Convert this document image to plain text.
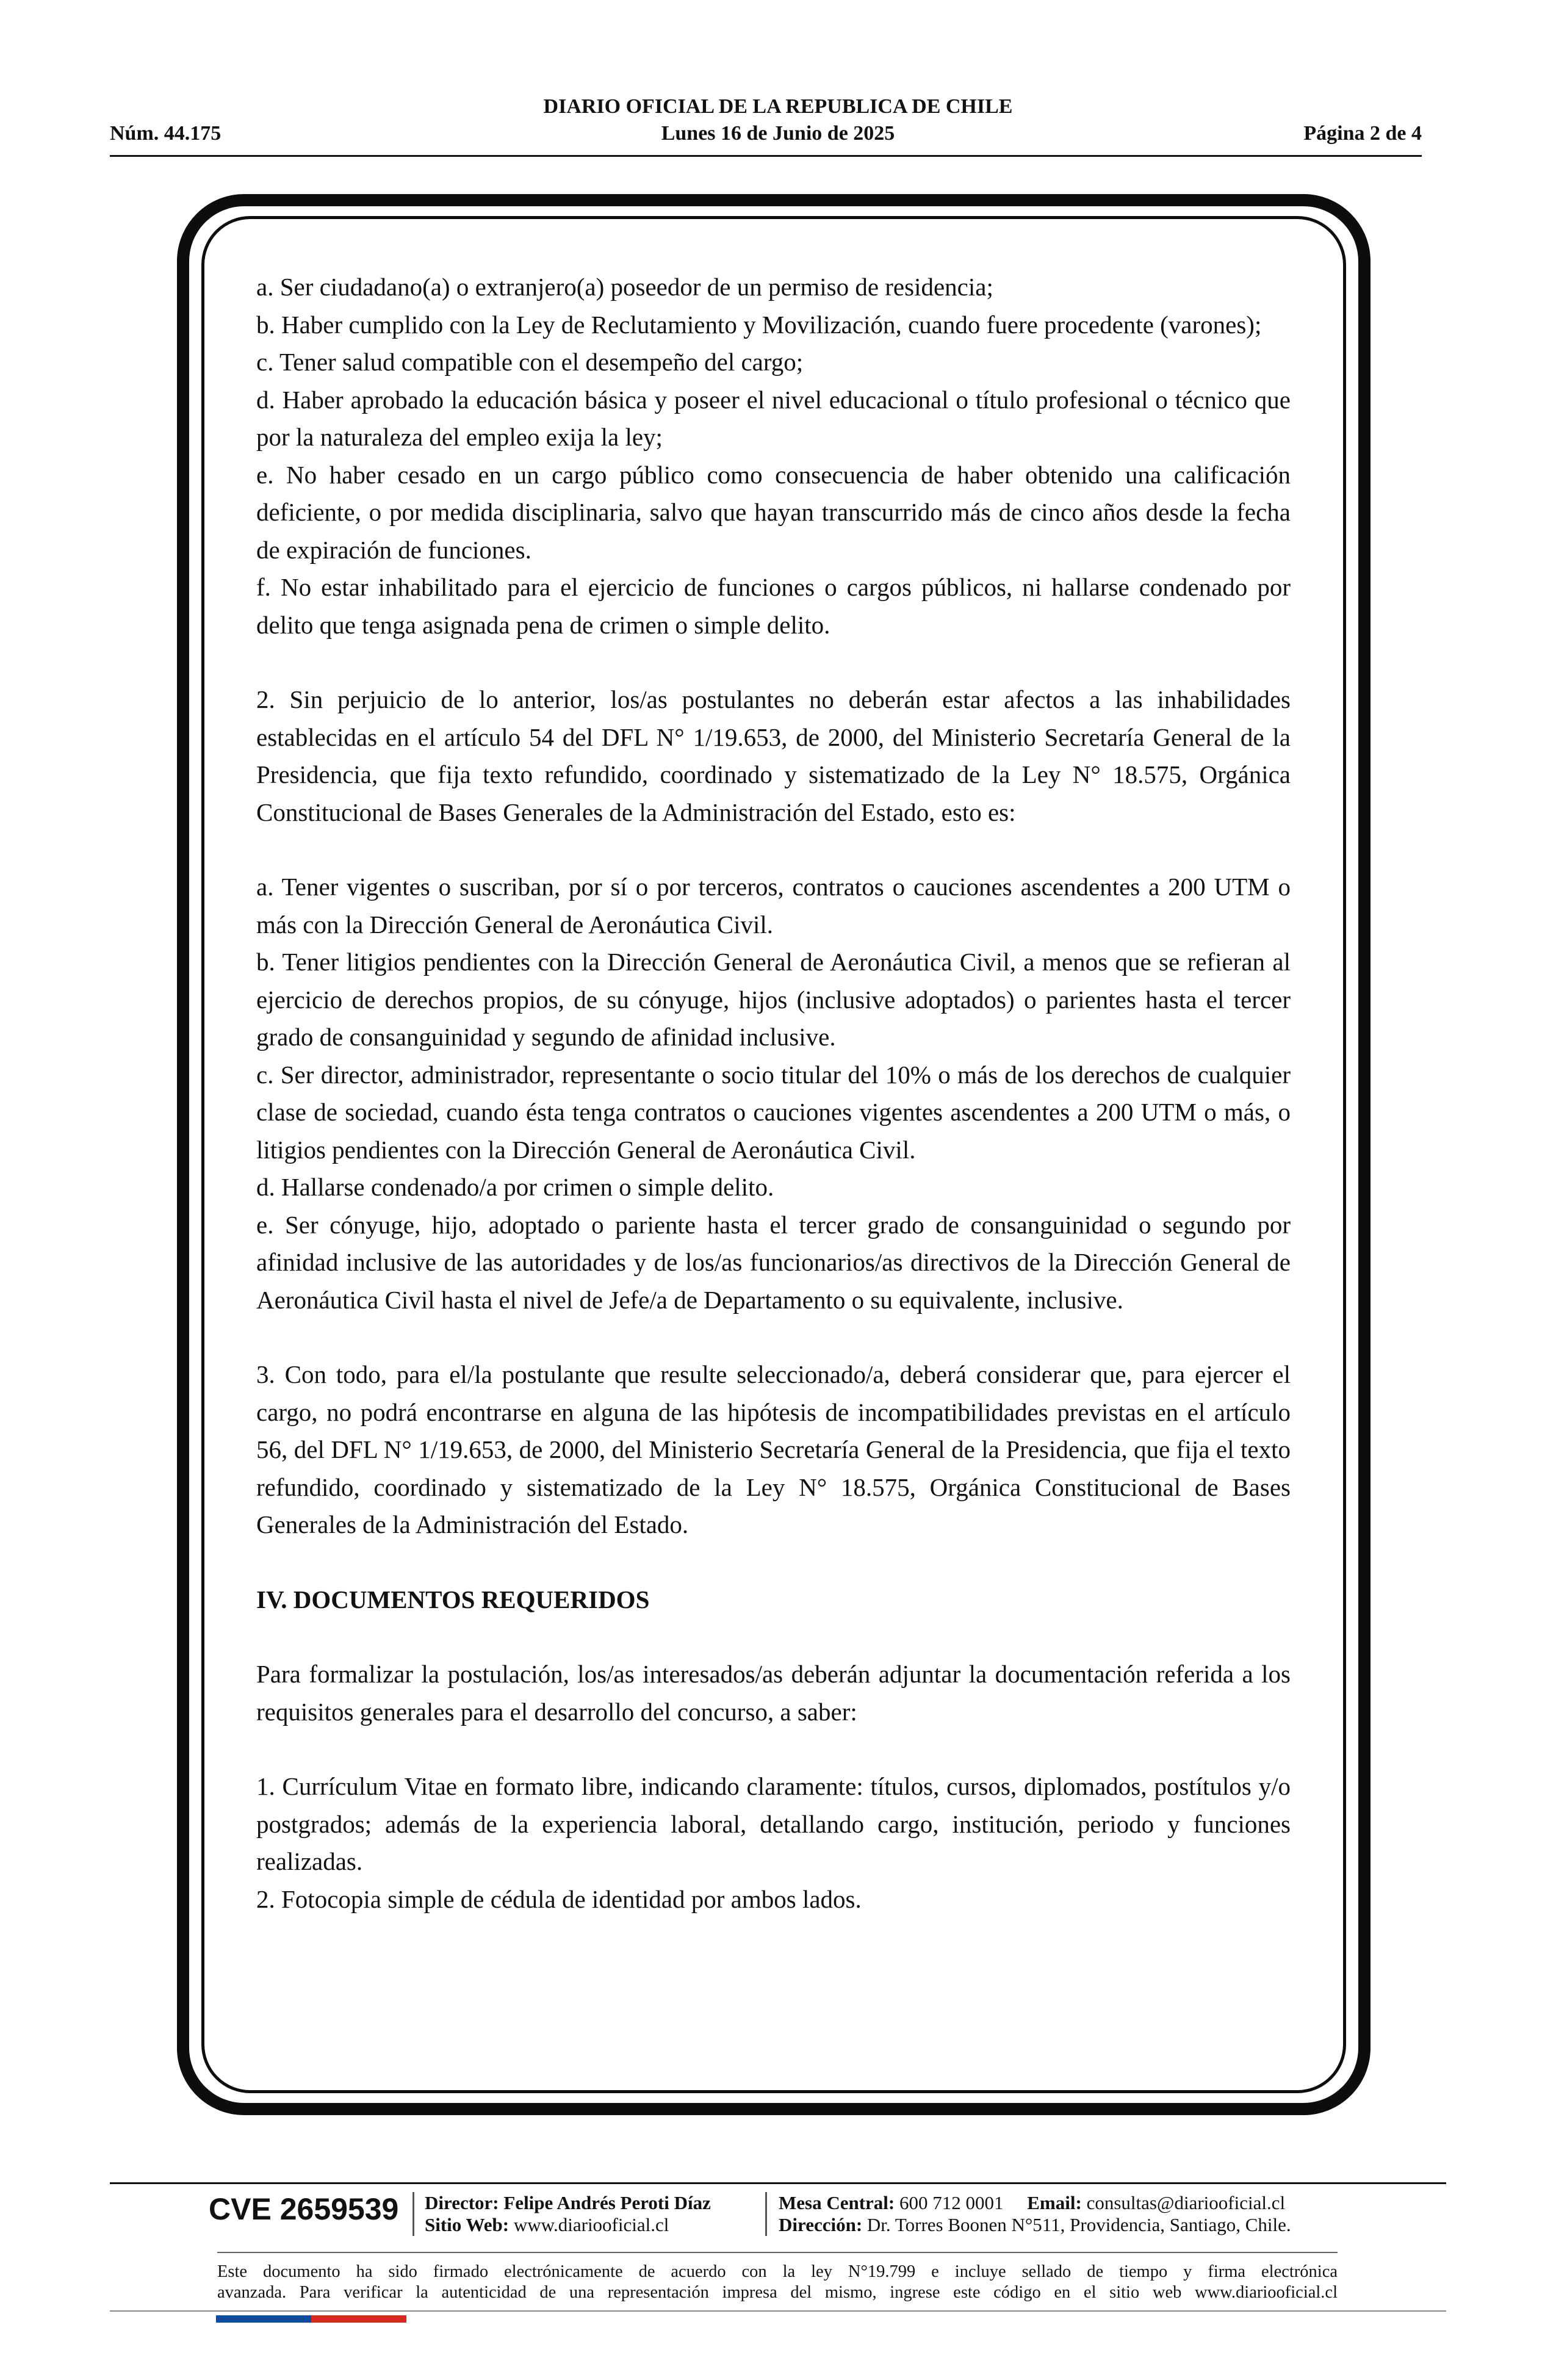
DIARIO OFICIAL DE LA REPUBLICA DE CHILE
Núm. 44.175	Lunes 16 de Junio de 2025	Página 2 de 4

a. Ser ciudadano(a) o extranjero(a) poseedor de un permiso de residencia;

b. Haber cumplido con la Ley de Reclutamiento y Movilización, cuando fuere procedente (varones);

c. Tener salud compatible con el desempeño del cargo;

d. Haber aprobado la educación básica y poseer el nivel educacional o título profesional o técnico que por la naturaleza del empleo exija la ley;

e. No haber cesado en un cargo público como consecuencia de haber obtenido una calificación deficiente, o por medida disciplinaria, salvo que hayan transcurrido más de cinco años desde la fecha de expiración de funciones.

f. No estar inhabilitado para el ejercicio de funciones o cargos públicos, ni hallarse condenado por delito que tenga asignada pena de crimen o simple delito.

2. Sin perjuicio de lo anterior, los/as postulantes no deberán estar afectos a las inhabilidades establecidas en el artículo 54 del DFL N° 1/19.653, de 2000, del Ministerio Secretaría General de la Presidencia, que fija texto refundido, coordinado y sistematizado de la Ley N° 18.575, Orgánica Constitucional de Bases Generales de la Administración del Estado, esto es:

a. Tener vigentes o suscriban, por sí o por terceros, contratos o cauciones ascendentes a 200 UTM o más con la Dirección General de Aeronáutica Civil.

b. Tener litigios pendientes con la Dirección General de Aeronáutica Civil, a menos que se refieran al ejercicio de derechos propios, de su cónyuge, hijos (inclusive adoptados) o parientes hasta el tercer grado de consanguinidad y segundo de afinidad inclusive.

c. Ser director, administrador, representante o socio titular del 10% o más de los derechos de cualquier clase de sociedad, cuando ésta tenga contratos o cauciones vigentes ascendentes a 200 UTM o más, o litigios pendientes con la Dirección General de Aeronáutica Civil.

d. Hallarse condenado/a por crimen o simple delito.

e. Ser cónyuge, hijo, adoptado o pariente hasta el tercer grado de consanguinidad o segundo por afinidad inclusive de las autoridades y de los/as funcionarios/as directivos de la Dirección General de Aeronáutica Civil hasta el nivel de Jefe/a de Departamento o su equivalente, inclusive.

3. Con todo, para el/la postulante que resulte seleccionado/a, deberá considerar que, para ejercer el cargo, no podrá encontrarse en alguna de las hipótesis de incompatibilidades previstas en el artículo 56, del DFL N° 1/19.653, de 2000, del Ministerio Secretaría General de la Presidencia, que fija el texto refundido, coordinado y sistematizado de la Ley N° 18.575, Orgánica Constitucional de Bases Generales de la Administración del Estado.

IV. DOCUMENTOS REQUERIDOS

Para formalizar la postulación, los/as interesados/as deberán adjuntar la documentación referida a los requisitos generales para el desarrollo del concurso, a saber:

1. Currículum Vitae en formato libre, indicando claramente: títulos, cursos, diplomados, postítulos y/o postgrados; además de la experiencia laboral, detallando cargo, institución, periodo y funciones realizadas.

2. Fotocopia simple de cédula de identidad por ambos lados.

CVE 2659539 Director: Felipe Andrés Peroti Díaz
Sitio Web: www.diariooficial.cl
Mesa Central: 600 712 0001 Email: consultas@diariooficial.cl
Dirección: Dr. Torres Boonen N°511, Providencia, Santiago, Chile.

Este documento ha sido firmado electrónicamente de acuerdo con la ley N°19.799 e incluye sellado de tiempo y firma electrónica

avanzada. Para verificar la autenticidad de una representación impresa del mismo, ingrese este código en el sitio web www.diariooficial.cl
